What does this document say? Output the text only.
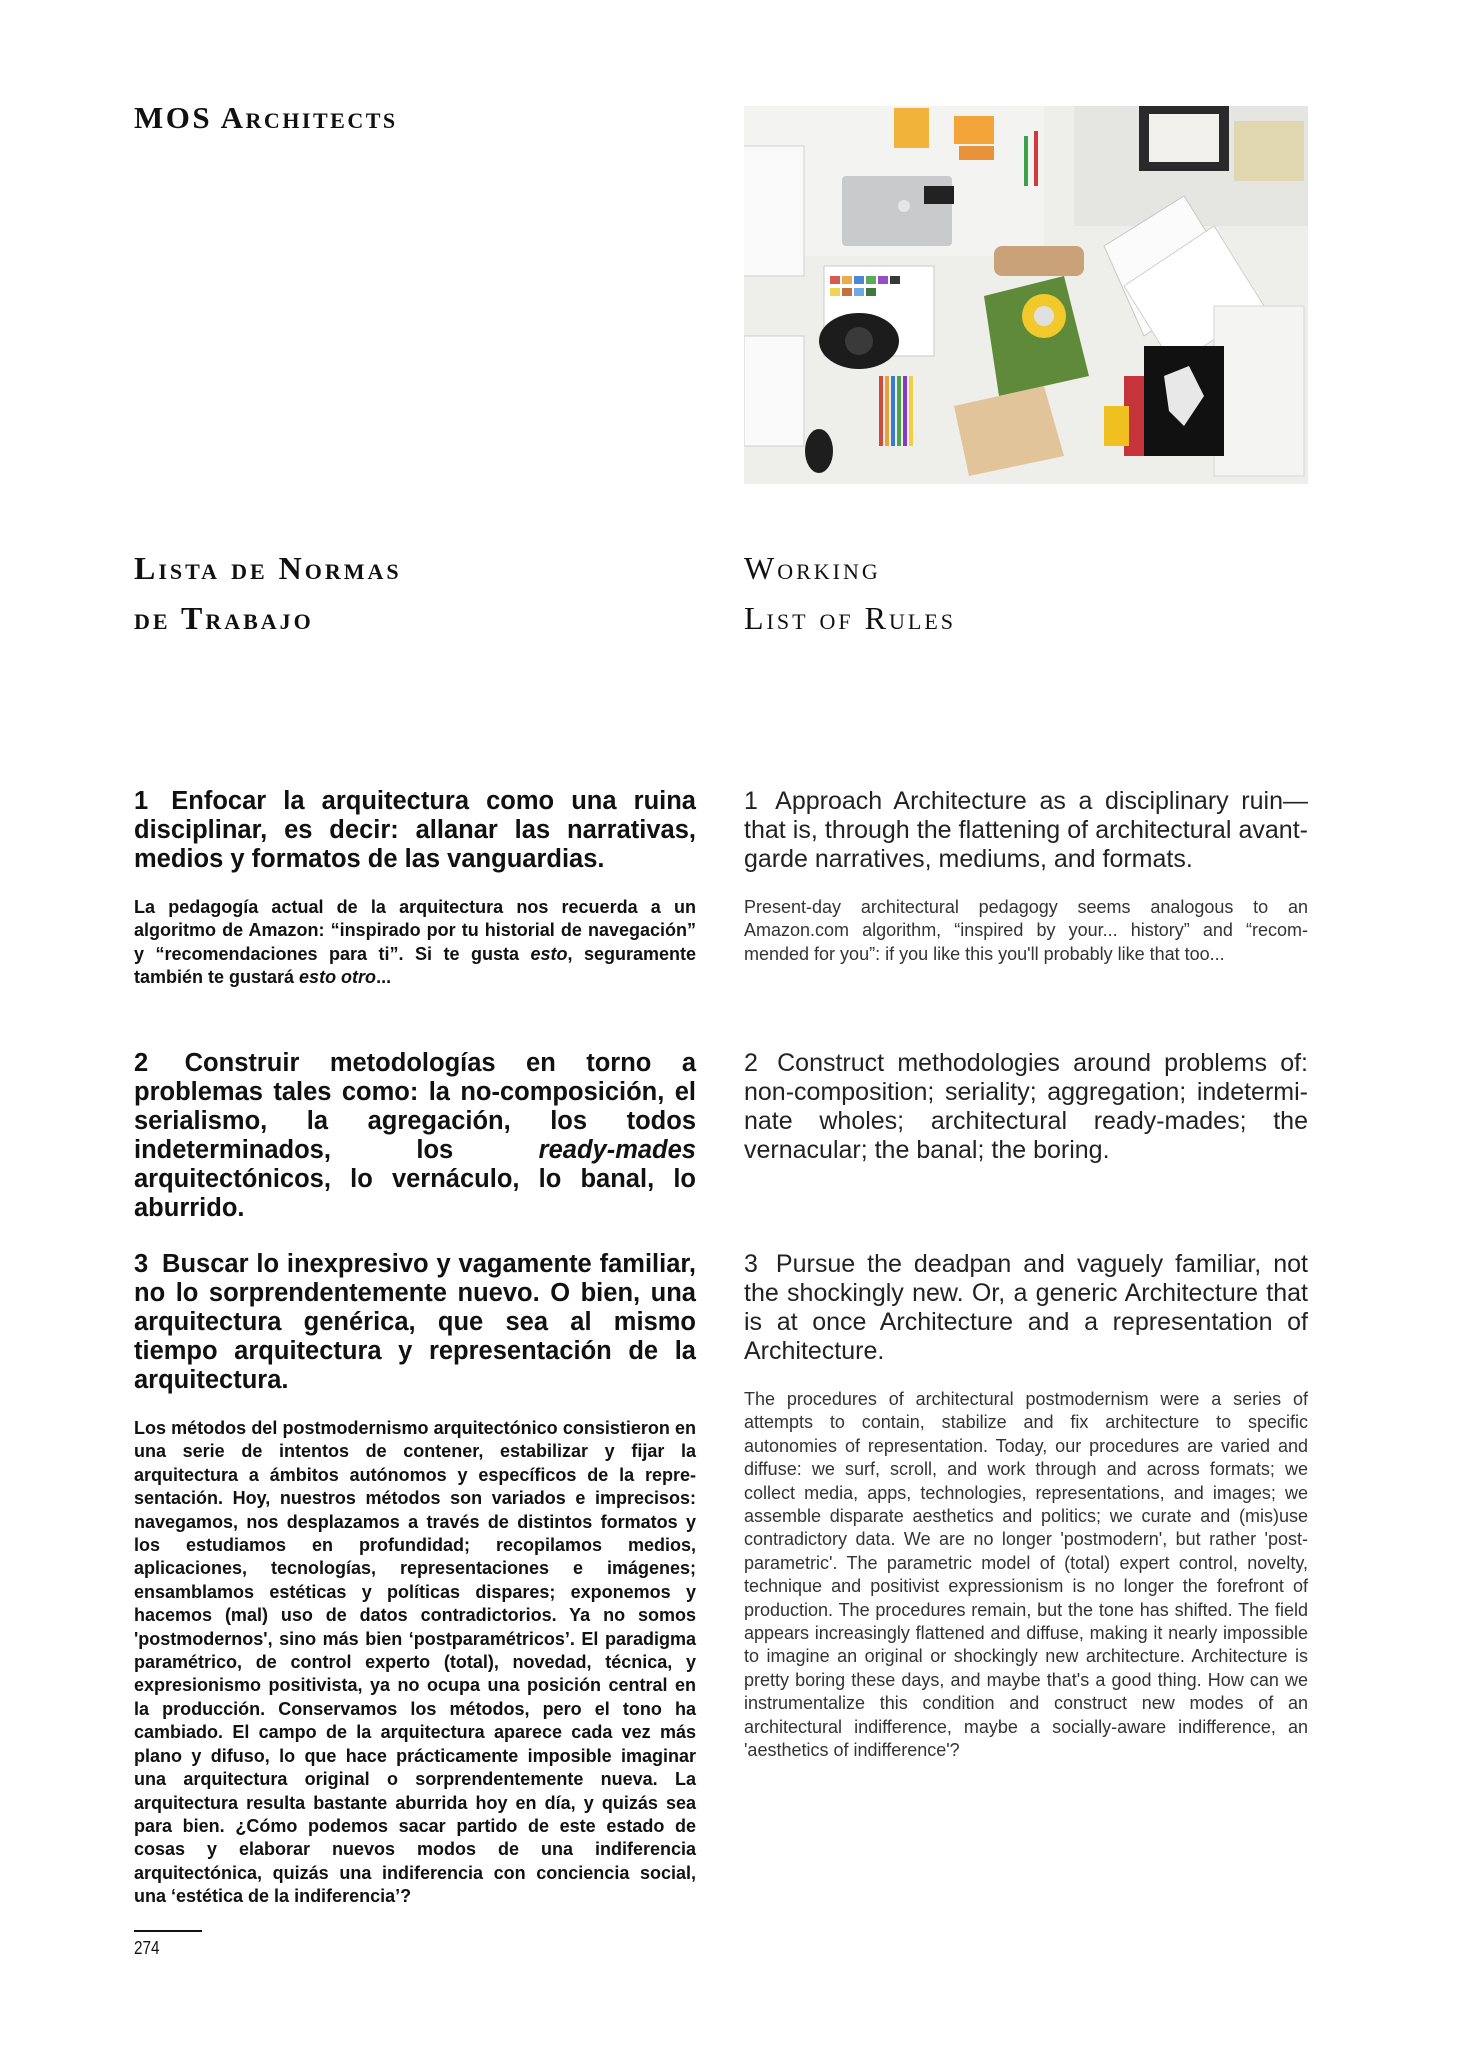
MOS Architects
Lista de Normas
de Trabajo
Working
List of Rules

1 Enfocar la arquitectura como una ruina disciplinar, es decir: allanar las narrativas, medios y formatos de las vanguardias.

La pedagogía actual de la arquitectura nos recuerda a un algoritmo de Amazon: “inspirado por tu historial de navegación” y “recomendaciones para ti”. Si te gusta esto, seguramente también te gustará esto otro...

1 Approach Architecture as a disciplinary ruin— that is, through the flattening of architectural avant-garde narratives, mediums, and formats.

Present-day architectural pedagogy seems analogous to an Amazon.com algorithm, “inspired by your... history” and “recommended for you”: if you like this you'll probably like that too...

2 Construir metodologías en torno a problemas tales como: la no-composición, el serialismo, la agregación, los todos indeterminados, los ready-mades arquitectónicos, lo vernáculo, lo banal, lo aburrido.

2 Construct methodologies around problems of: non-composition; seriality; aggregation; indeterminate wholes; architectural ready-mades; the vernacular; the banal; the boring.

3 Buscar lo inexpresivo y vagamente familiar, no lo sorprendentemente nuevo. O bien, una arquitectura genérica, que sea al mismo tiempo arquitectura y representación de la arquitectura.

Los métodos del postmodernismo arquitectónico consistieron en una serie de intentos de contener, estabilizar y fijar la arquitectura a ámbitos autónomos y específicos de la representación. Hoy, nuestros métodos son variados e imprecisos: navegamos, nos desplazamos a través de distintos formatos y los estudiamos en profundidad; recopilamos medios, aplicaciones, tecnologías, representaciones e imágenes; ensamblamos estéticas y políticas dispares; exponemos y hacemos (mal) uso de datos contradictorios. Ya no somos 'postmodernos', sino más bien ‘postparamétricos’. El paradigma paramétrico, de control experto (total), novedad, técnica, y expresionismo positivista, ya no ocupa una posición central en la producción. Conservamos los métodos, pero el tono ha cambiado. El campo de la arquitectura aparece cada vez más plano y difuso, lo que hace prácticamente imposible imaginar una arquitectura original o sorprendentemente nueva. La arquitectura resulta bastante aburrida hoy en día, y quizás sea para bien. ¿Cómo podemos sacar partido de este estado de cosas y elaborar nuevos modos de una indiferencia arquitectónica, quizás una indiferencia con conciencia social, una ‘estética de la indiferencia’?

3 Pursue the deadpan and vaguely familiar, not the shockingly new. Or, a generic Architecture that is at once Architecture and a representation of Architecture.

The procedures of architectural postmodernism were a series of attempts to contain, stabilize and fix architecture to specific autonomies of representation. Today, our procedures are varied and diffuse: we surf, scroll, and work through and across formats; we collect media, apps, technologies, representations, and images; we assemble disparate aesthetics and politics; we curate and (mis)use contradictory data. We are no longer 'postmodern', but rather 'post-parametric'. The parametric model of (total) expert control, novelty, technique and positivist expressionism is no longer the forefront of production. The procedures remain, but the tone has shifted. The field appears increasingly flattened and diffuse, making it nearly impossible to imagine an original or shockingly new architecture. Architecture is pretty boring these days, and maybe that's a good thing. How can we instrumentalize this condition and construct new modes of an architectural indifference, maybe a socially-aware indifference, an 'aesthetics of indifference'?

274
